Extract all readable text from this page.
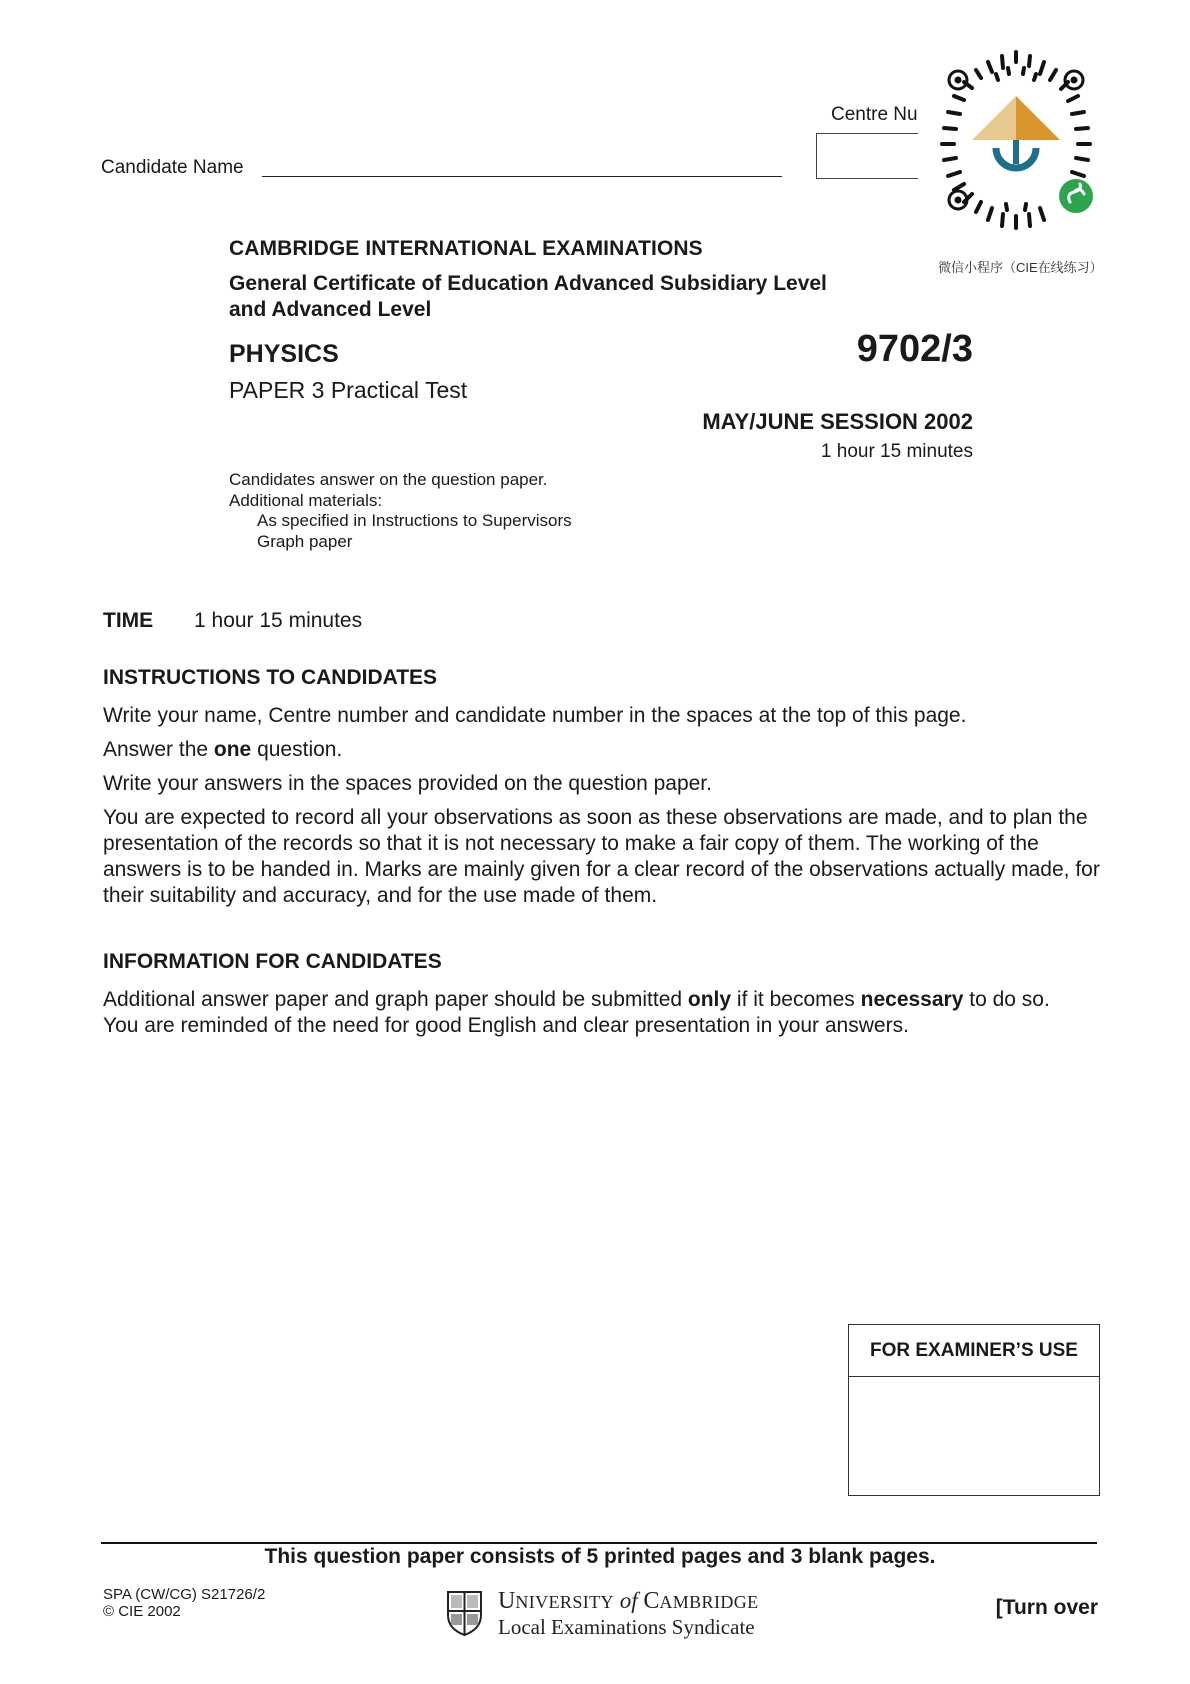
Candidate Name
Centre Nu
微信小程序（CIE在线练习）
CAMBRIDGE INTERNATIONAL EXAMINATIONS
General Certificate of Education Advanced Subsidiary Level
and Advanced Level
PHYSICS	9702/3
PAPER 3 Practical Test
MAY/JUNE SESSION 2002
1 hour 15 minutes
Candidates answer on the question paper.
Additional materials:
As specified in Instructions to Supervisors
Graph paper
TIME 1 hour 15 minutes
INSTRUCTIONS TO CANDIDATES

Write your name, Centre number and candidate number in the spaces at the top of this page.

Answer the one question.

Write your answers in the spaces provided on the question paper.

You are expected to record all your observations as soon as these observations are made, and to plan the presentation of the records so that it is not necessary to make a fair copy of them. The working of the answers is to be handed in. Marks are mainly given for a clear record of the observations actually made, for their suitability and accuracy, and for the use made of them.

INFORMATION FOR CANDIDATES

Additional answer paper and graph paper should be submitted only if it becomes necessary to do so.

You are reminded of the need for good English and clear presentation in your answers.

FOR EXAMINER’S USE
This question paper consists of 5 printed pages and 3 blank pages.
SPA (CW/CG) S21726/2
© CIE 2002	UNIVERSITY of CAMBRIDGE
Local Examinations Syndicate
[Turn over
